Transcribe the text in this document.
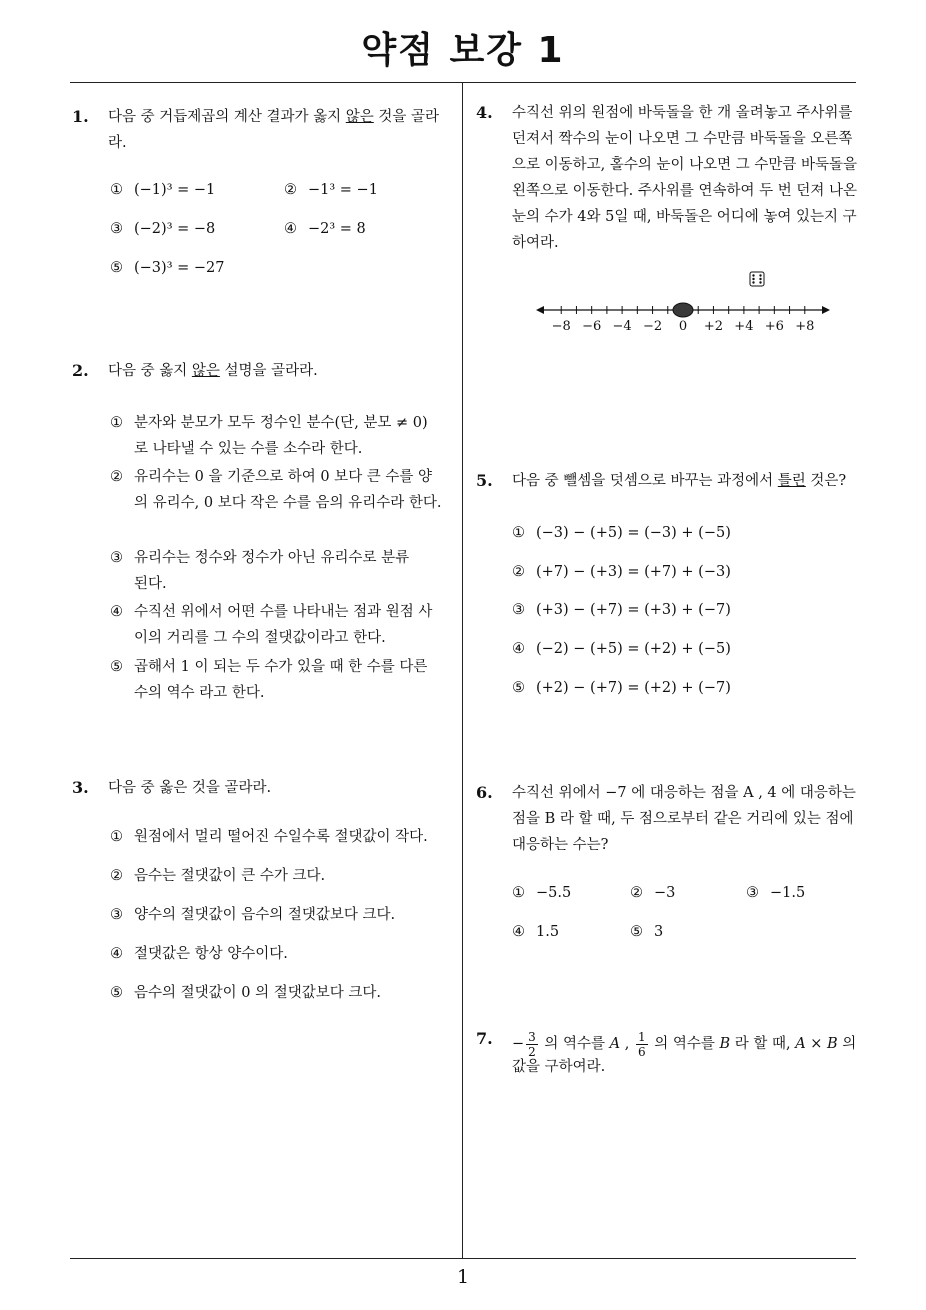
약점 보강 1
1. 다음 중 거듭제곱의 계산 결과가 옳지 않은 것을 골라라.
① (−1)³ = −1	② −1³ = −1
③ (−2)³ = −8	④ −2³ = 8
⑤ (−3)³ = −27
2. 다음 중 옳지 않은 설명을 골라라.
① 분자와 분모가 모두 정수인 분수(단, 분모 ≠ 0) 로 나타낼 수 있는 수를 소수라 한다.
② 유리수는 0 을 기준으로 하여 0 보다 큰 수를 양의 유리수, 0 보다 작은 수를 음의 유리수라 한다.
③ 유리수는 정수와 정수가 아닌 유리수로 분류된다.
④ 수직선 위에서 어떤 수를 나타내는 점과 원점 사이의 거리를 그 수의 절댓값이라고 한다.
⑤ 곱해서 1 이 되는 두 수가 있을 때 한 수를 다른 수의 역수 라고 한다.
3. 다음 중 옳은 것을 골라라.
① 원점에서 멀리 떨어진 수일수록 절댓값이 작다.
② 음수는 절댓값이 큰 수가 크다.
③ 양수의 절댓값이 음수의 절댓값보다 크다.
④ 절댓값은 항상 양수이다.
⑤ 음수의 절댓값이 0 의 절댓값보다 크다.
4. 수직선 위의 원점에 바둑돌을 한 개 올려놓고 주사위를 던져서 짝수의 눈이 나오면 그 수만큼 바둑돌을 오른쪽으로 이동하고, 홀수의 눈이 나오면 그 수만큼 바둑돌을 왼쪽으로 이동한다. 주사위를 연속하여 두 번 던져 나온 눈의 수가 4와 5일 때, 바둑돌은 어디에 놓여 있는지 구하여라.
−8 −6 −4 −2 0 +2 +4 +6 +8
5. 다음 중 뺄셈을 덧셈으로 바꾸는 과정에서 틀린 것은?
① (−3) − (+5) = (−3) + (−5)
② (+7) − (+3) = (+7) + (−3)
③ (+3) − (+7) = (+3) + (−7)
④ (−2) − (+5) = (+2) + (−5)
⑤ (+2) − (+7) = (+2) + (−7)
6. 수직선 위에서 −7 에 대응하는 점을 A , 4 에 대응하는 점을 B 라 할 때, 두 점으로부터 같은 거리에 있는 점에 대응하는 수는?
① −5.5	② −3	③ −1.5
④ 1.5	⑤ 3
7. − $\frac{3}{2}$ 의 역수를 A , $\frac{1}{6}$ 의 역수를 B 라 할 때, A × B 의
값을 구하여라.
1
